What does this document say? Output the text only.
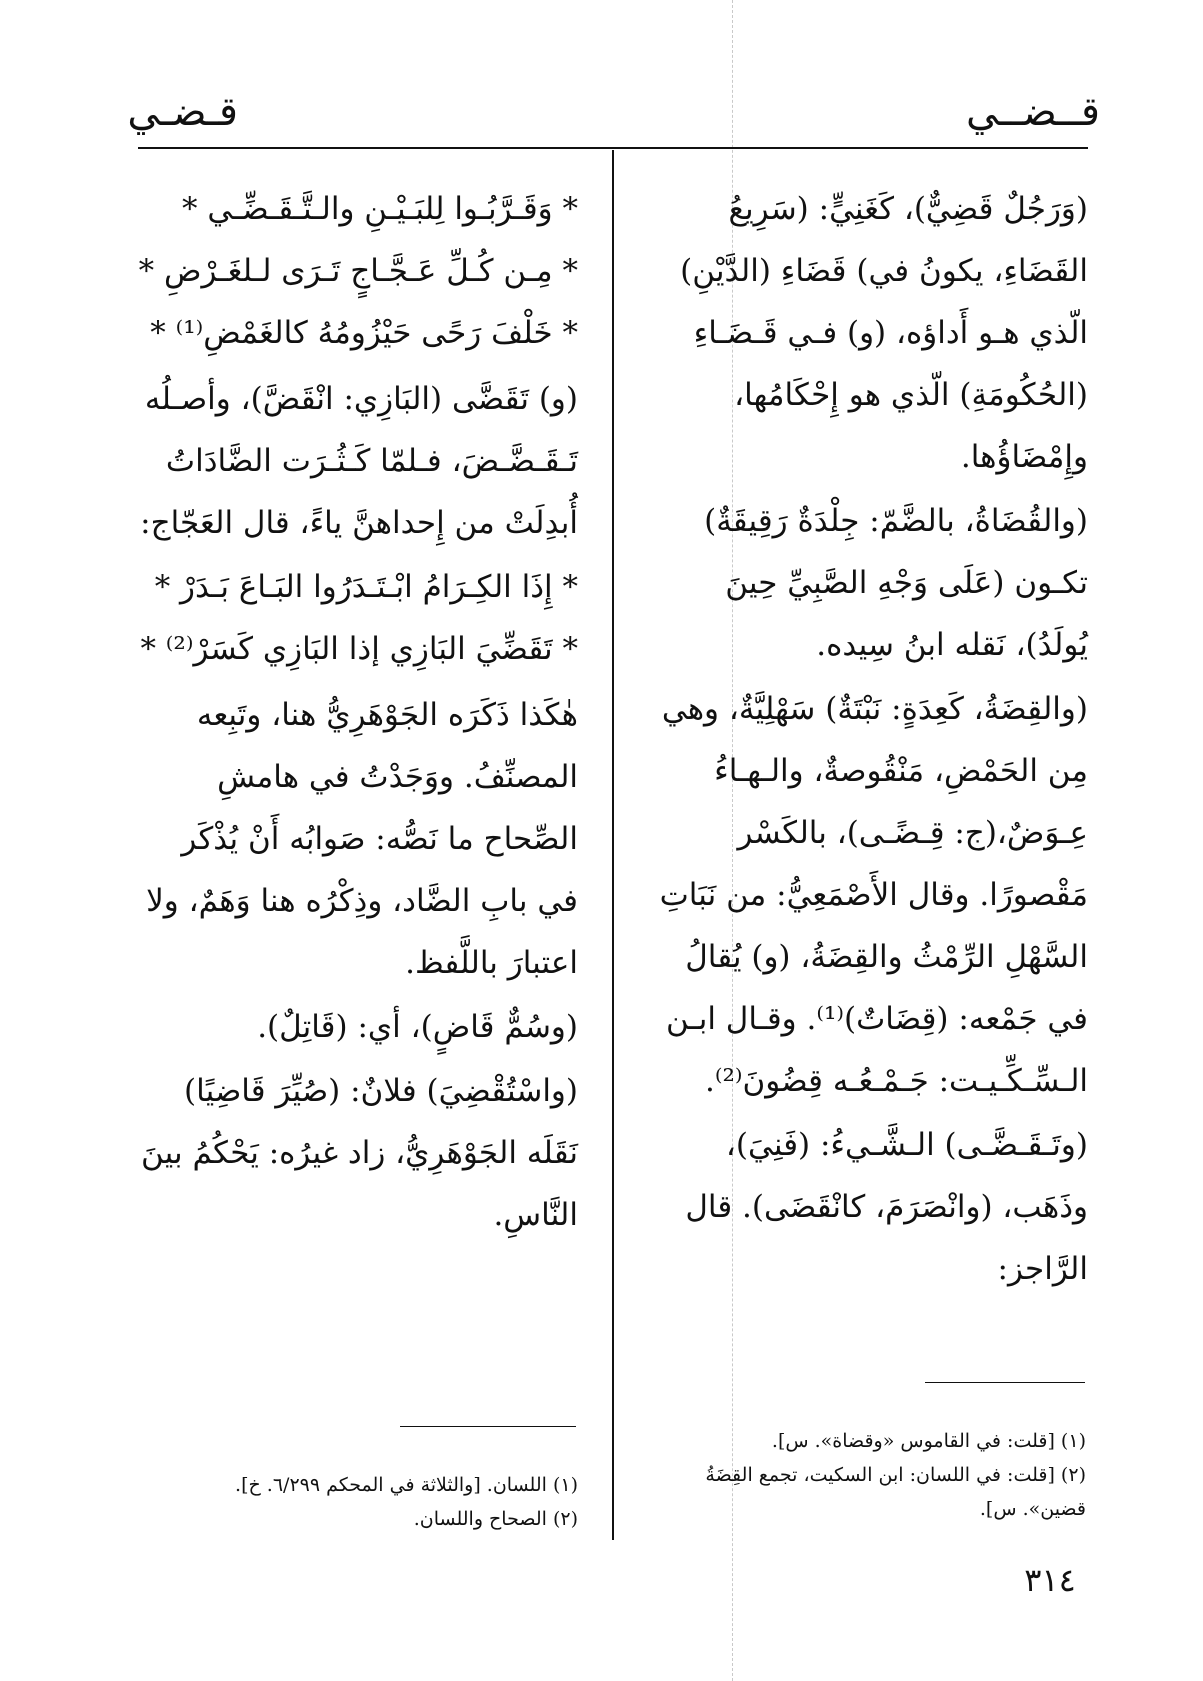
قــضــي
قـضـي

(وَرَجُلٌ قَضِيٌّ)، كَغَنِيٍّ: (سَرِيعُ القَضَاءِ، يكونُ في) قَضَاءِ (الدَّيْنِ) الّذي هـو أَداؤه، (و) فـي قَـضَـاءِ (الحُكُومَةِ) الّذي هو إِحْكَامُها، وإِمْضَاؤُها.

(والقُضَاةُ، بالضَّمّ: جِلْدَةٌ رَقِيقَةٌ) تكـون (عَلَى وَجْهِ الصَّبِيِّ حِينَ يُولَدُ)، نَقله ابنُ سِيده.

(والقِضَةُ، كَعِدَةٍ: نَبْتَةٌ) سَهْلِيَّةٌ، وهي مِن الحَمْضِ، مَنْقُوصةٌ، والـهـاءُ عِـوَضٌ،(ج: قِـضًـى)، بالكَسْر مَقْصورًا. وقال الأَصْمَعِيُّ: من نَبَاتِ السَّهْلِ الرِّمْثُ والقِضَةُ، (و) يُقالُ في جَمْعه: (قِضَاتٌ)⁽¹⁾. وقـال ابـن الـسِّـكِّـيـت: جَـمْـعُـه قِضُونَ⁽²⁾.

(وتَـقَـضَّـى) الـشَّـيءُ: (فَنِيَ)، وذَهَب، (وانْصَرَمَ، كانْقَضَى). قال الرَّاجز:

* وَقَـرَّبُـوا لِلبَـيْـنِ والـتَّـقَـضِّـي *

* مِـن كُـلِّ عَـجَّـاجٍ تَـرَى لـلغَـرْضِ *

* خَلْفَ رَحًى حَيْزُومُهُ كالغَمْضِ⁽¹⁾ *

(و) تَقَضَّى (البَازِي: انْقَضَّ)، وأصـلُه تَـقَـضَّـضَ، فـلمّا كَـثُـرَت الضَّادَاتُ أُبدِلَتْ من إِحداهنَّ ياءً، قال العَجّاج:

* إِذَا الكِـرَامُ ابْـتَـدَرُوا البَـاعَ بَـدَرْ *

* تَقَضِّيَ البَازِي إذا البَازِي كَسَرْ⁽²⁾ *

هٰكَذا ذَكَرَه الجَوْهَرِيُّ هنا، وتَبِعه المصنِّفُ. ووَجَدْتُ في هامشِ الصِّحاح ما نَصُّه: صَوابُه أَنْ يُذْكَر في بابِ الضَّاد، وذِكْرُه هنا وَهَمٌ، ولا اعتبارَ باللَّفظ.

(وسُمٌّ قَاضٍ)، أي: (قَاتِلٌ).

(واسْتُقْضِيَ) فلانٌ: (صُيِّرَ قَاضِيًا) نَقَلَه الجَوْهَرِيُّ، زاد غيرُه: يَحْكُمُ بينَ النَّاسِ.

(١) [قلت: في القاموس «وقضاة». س].

(٢) [قلت: في اللسان: ابن السكيت، تجمع القِضَةُ قضين». س].

(١) اللسان. [والثلاثة في المحكم ٦/٢٩٩. خ].

(٢) الصحاح واللسان.

٣١٤
